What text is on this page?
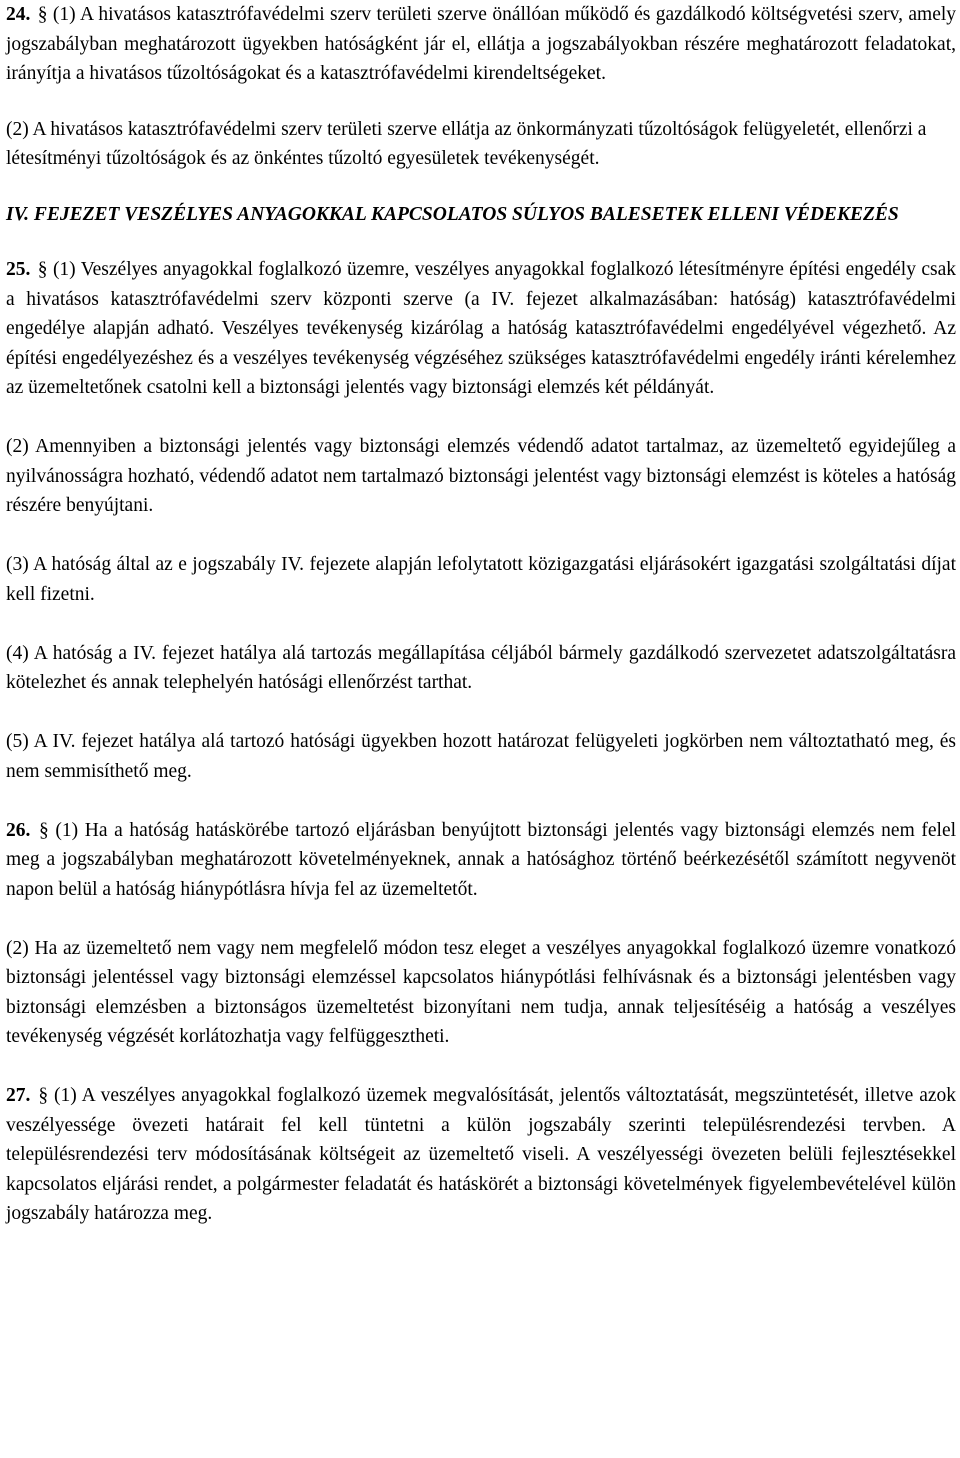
24. § (1) A hivatásos katasztrófavédelmi szerv területi szerve önállóan működő és gazdálkodó költségvetési szerv, amely jogszabályban meghatározott ügyekben hatóságként jár el, ellátja a jogszabályokban részére meghatározott feladatokat, irányítja a hivatásos tűzoltóságokat és a katasztrófavédelmi kirendeltségeket.

(2) A hivatásos katasztrófavédelmi szerv területi szerve ellátja az önkormányzati tűzoltóságok felügyeletét, ellenőrzi a létesítményi tűzoltóságok és az önkéntes tűzoltó egyesületek tevékenységét.

IV. FEJEZET VESZÉLYES ANYAGOKKAL KAPCSOLATOS SÚLYOS BALESETEK ELLENI VÉDEKEZÉS

25. § (1) Veszélyes anyagokkal foglalkozó üzemre, veszélyes anyagokkal foglalkozó létesítményre építési engedély csak a hivatásos katasztrófavédelmi szerv központi szerve (a IV. fejezet alkalmazásában: hatóság) katasztrófavédelmi engedélye alapján adható. Veszélyes tevékenység kizárólag a hatóság katasztrófavédelmi engedélyével végezhető. Az építési engedélyezéshez és a veszélyes tevékenység végzéséhez szükséges katasztrófavédelmi engedély iránti kérelemhez az üzemeltetőnek csatolni kell a biztonsági jelentés vagy biztonsági elemzés két példányát.

(2) Amennyiben a biztonsági jelentés vagy biztonsági elemzés védendő adatot tartalmaz, az üzemeltető egyidejűleg a nyilvánosságra hozható, védendő adatot nem tartalmazó biztonsági jelentést vagy biztonsági elemzést is köteles a hatóság részére benyújtani.

(3) A hatóság által az e jogszabály IV. fejezete alapján lefolytatott közigazgatási eljárásokért igazgatási szolgáltatási díjat kell fizetni.

(4) A hatóság a IV. fejezet hatálya alá tartozás megállapítása céljából bármely gazdálkodó szervezetet adatszolgáltatásra kötelezhet és annak telephelyén hatósági ellenőrzést tarthat.

(5) A IV. fejezet hatálya alá tartozó hatósági ügyekben hozott határozat felügyeleti jogkörben nem változtatható meg, és nem semmisíthető meg.

26. § (1) Ha a hatóság hatáskörébe tartozó eljárásban benyújtott biztonsági jelentés vagy biztonsági elemzés nem felel meg a jogszabályban meghatározott követelményeknek, annak a hatósághoz történő beérkezésétől számított negyvenöt napon belül a hatóság hiánypótlásra hívja fel az üzemeltetőt.

(2) Ha az üzemeltető nem vagy nem megfelelő módon tesz eleget a veszélyes anyagokkal foglalkozó üzemre vonatkozó biztonsági jelentéssel vagy biztonsági elemzéssel kapcsolatos hiánypótlási felhívásnak és a biztonsági jelentésben vagy biztonsági elemzésben a biztonságos üzemeltetést bizonyítani nem tudja, annak teljesítéséig a hatóság a veszélyes tevékenység végzését korlátozhatja vagy felfüggesztheti.

27. § (1) A veszélyes anyagokkal foglalkozó üzemek megvalósítását, jelentős változtatását, megszüntetését, illetve azok veszélyessége övezeti határait fel kell tüntetni a külön jogszabály szerinti településrendezési tervben. A településrendezési terv módosításának költségeit az üzemeltető viseli. A veszélyességi övezeten belüli fejlesztésekkel kapcsolatos eljárási rendet, a polgármester feladatát és hatáskörét a biztonsági követelmények figyelembevételével külön jogszabály határozza meg.
